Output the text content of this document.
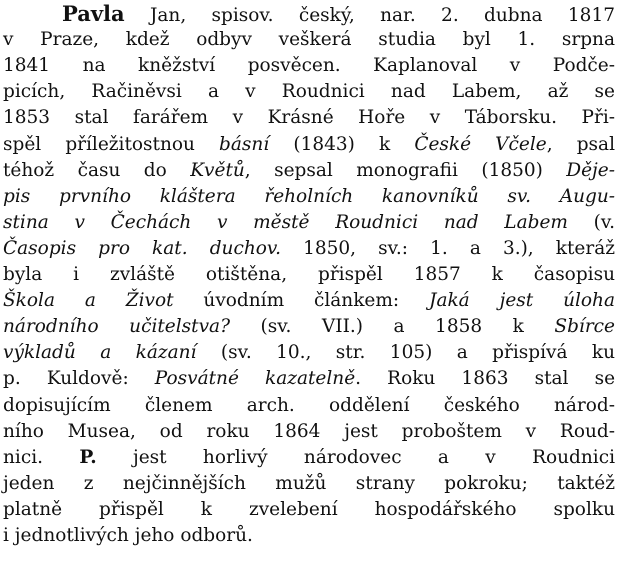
Pavla Jan, spisov. český, nar. 2. dubna 1817
v Praze, kdež odbyv veškerá studia byl 1. srpna
1841 na kněžství posvěcen. Kaplanoval v Podče-
picích, Račiněvsi a v Roudnici nad Labem, až se
1853 stal farářem v Krásné Hoře v Táborsku. Při-
spěl příležitostnou básní (1843) k České Včele, psal
téhož času do Květů, sepsal monografii (1850) Děje-
pis prvního kláštera řeholních kanovníků sv. Augu-
stina v Čechách v městě Roudnici nad Labem (v.
Časopis pro kat. duchov. 1850, sv.: 1. a 3.), kteráž
byla i zvláště otištěna, přispěl 1857 k časopisu
Škola a Život úvodním článkem: Jaká jest úloha
národního učitelstva? (sv. VII.) a 1858 k Sbírce
výkladů a kázaní (sv. 10., str. 105) a přispívá ku
p. Kuldově: Posvátné kazatelně. Roku 1863 stal se
dopisujícím členem arch. oddělení českého národ-
ního Musea, od roku 1864 jest proboštem v Roud-
nici. P. jest horlivý národovec a v Roudnici
jeden z nejčinnějších mužů strany pokroku; taktéž
platně přispěl k zvelebení hospodářského spolku
i jednotlivých jeho odborů.
